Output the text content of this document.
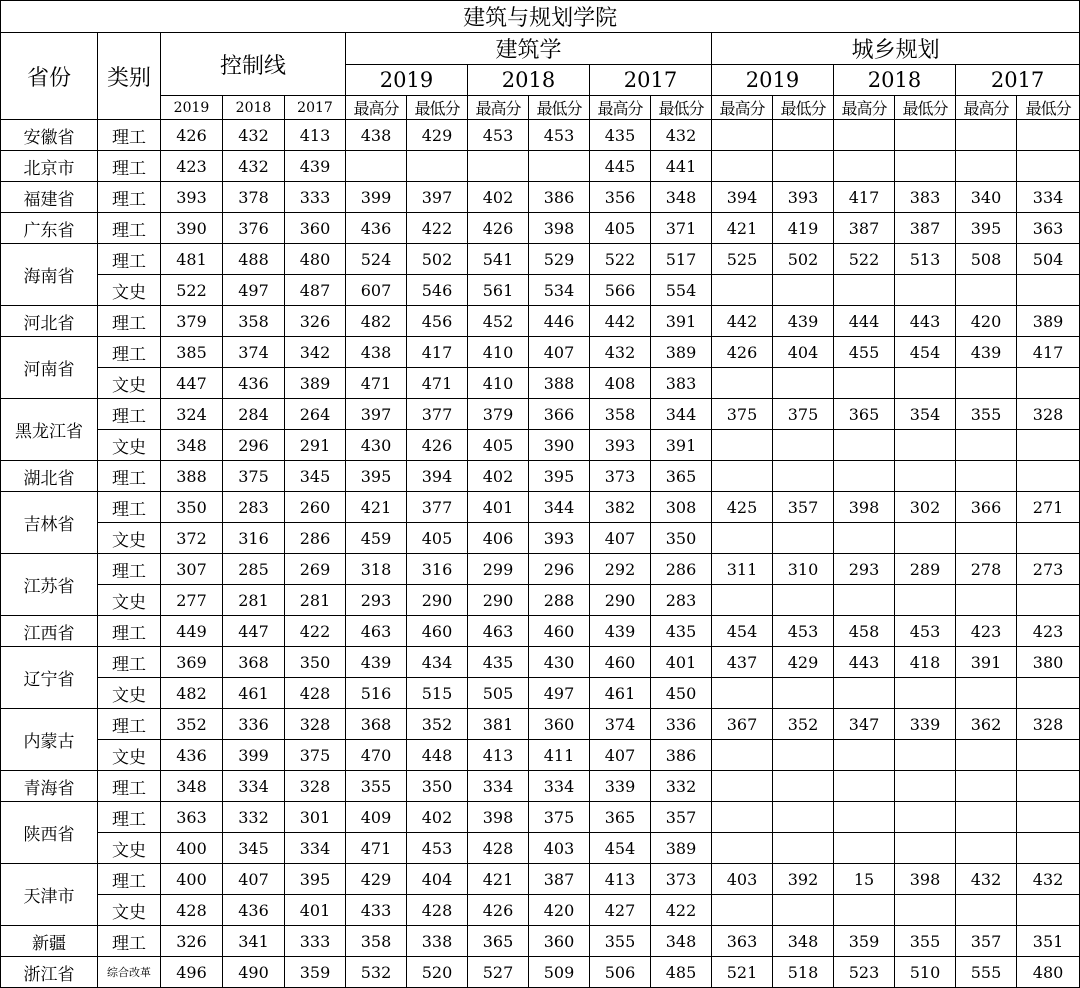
建筑与规划学院																
省份	类别	控制线			建筑学						城乡规划					
					2019		2018		2017		2019		2018		2017	
		2019	2018	2017	最高分	最低分	最高分	最低分	最高分	最低分	最高分	最低分	最高分	最低分	最高分	最低分
安徽省	理工	426	432	413	438	429	453	453	435	432						
北京市	理工	423	432	439					445	441						
福建省	理工	393	378	333	399	397	402	386	356	348	394	393	417	383	340	334
广东省	理工	390	376	360	436	422	426	398	405	371	421	419	387	387	395	363
海南省	理工	481	488	480	524	502	541	529	522	517	525	502	522	513	508	504
	文史	522	497	487	607	546	561	534	566	554						
河北省	理工	379	358	326	482	456	452	446	442	391	442	439	444	443	420	389
河南省	理工	385	374	342	438	417	410	407	432	389	426	404	455	454	439	417
	文史	447	436	389	471	471	410	388	408	383						
黑龙江省	理工	324	284	264	397	377	379	366	358	344	375	375	365	354	355	328
	文史	348	296	291	430	426	405	390	393	391						
湖北省	理工	388	375	345	395	394	402	395	373	365						
吉林省	理工	350	283	260	421	377	401	344	382	308	425	357	398	302	366	271
	文史	372	316	286	459	405	406	393	407	350						
江苏省	理工	307	285	269	318	316	299	296	292	286	311	310	293	289	278	273
	文史	277	281	281	293	290	290	288	290	283						
江西省	理工	449	447	422	463	460	463	460	439	435	454	453	458	453	423	423
辽宁省	理工	369	368	350	439	434	435	430	460	401	437	429	443	418	391	380
	文史	482	461	428	516	515	505	497	461	450						
内蒙古	理工	352	336	328	368	352	381	360	374	336	367	352	347	339	362	328
	文史	436	399	375	470	448	413	411	407	386						
青海省	理工	348	334	328	355	350	334	334	339	332						
陕西省	理工	363	332	301	409	402	398	375	365	357						
	文史	400	345	334	471	453	428	403	454	389						
天津市	理工	400	407	395	429	404	421	387	413	373	403	392	15	398	432	432
	文史	428	436	401	433	428	426	420	427	422						
新疆	理工	326	341	333	358	338	365	360	355	348	363	348	359	355	357	351
浙江省	综合改革	496	490	359	532	520	527	509	506	485	521	518	523	510	555	480
